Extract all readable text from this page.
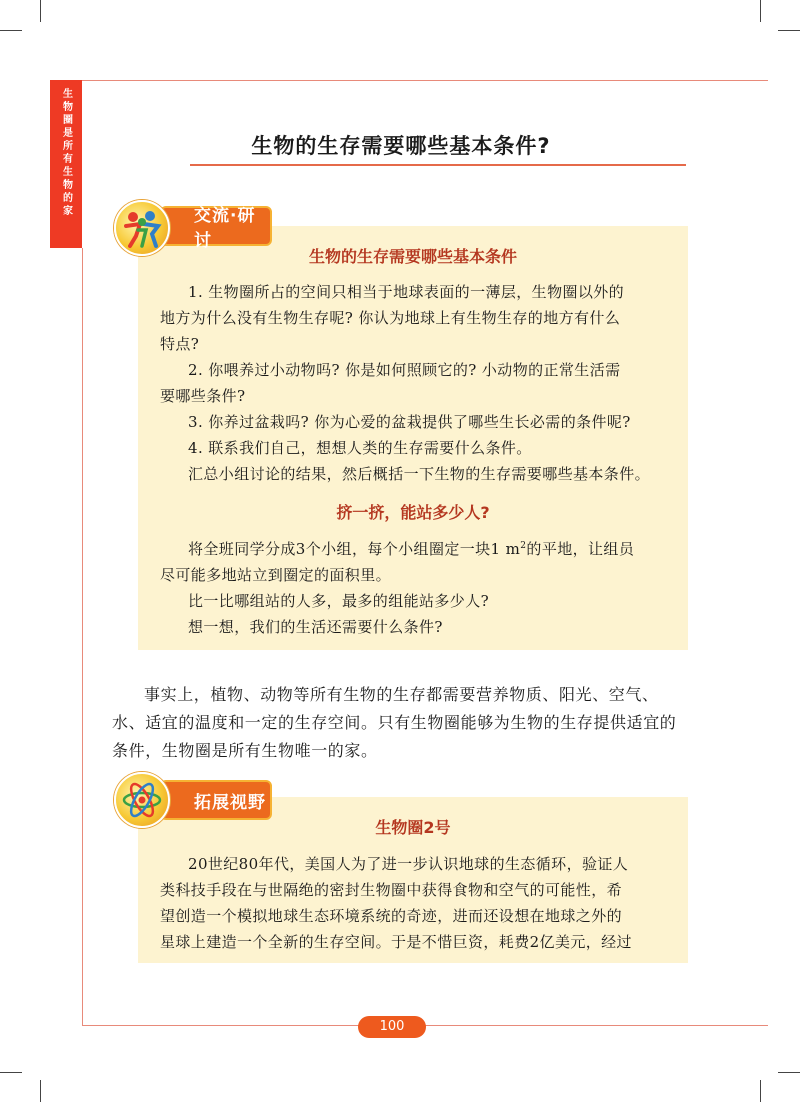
生物圈是所有生物的家	生物的生存需要哪些基本条件?
交流·研讨
生物的生存需要哪些基本条件
1. 生物圈所占的空间只相当于地球表面的一薄层，生物圈以外的
地方为什么没有生物生存呢? 你认为地球上有生物生存的地方有什么
特点?
2. 你喂养过小动物吗? 你是如何照顾它的? 小动物的正常生活需
要哪些条件?
3. 你养过盆栽吗? 你为心爱的盆栽提供了哪些生长必需的条件呢?
4. 联系我们自己，想想人类的生存需要什么条件。
汇总小组讨论的结果，然后概括一下生物的生存需要哪些基本条件。
挤一挤，能站多少人?
将全班同学分成3个小组，每个小组圈定一块1 $m^2$的平地，让组员
尽可能多地站立到圈定的面积里。
比一比哪组站的人多，最多的组能站多少人?
想一想，我们的生活还需要什么条件?
事实上，植物、动物等所有生物的生存都需要营养物质、阳光、空气、
水、适宜的温度和一定的生存空间。只有生物圈能够为生物的生存提供适宜的
条件，生物圈是所有生物唯一的家。
拓展视野
生物圈2号
20世纪80年代，美国人为了进一步认识地球的生态循环，验证人
类科技手段在与世隔绝的密封生物圈中获得食物和空气的可能性，希
望创造一个模拟地球生态环境系统的奇迹，进而还设想在地球之外的
星球上建造一个全新的生存空间。于是不惜巨资，耗费2亿美元，经过
100
